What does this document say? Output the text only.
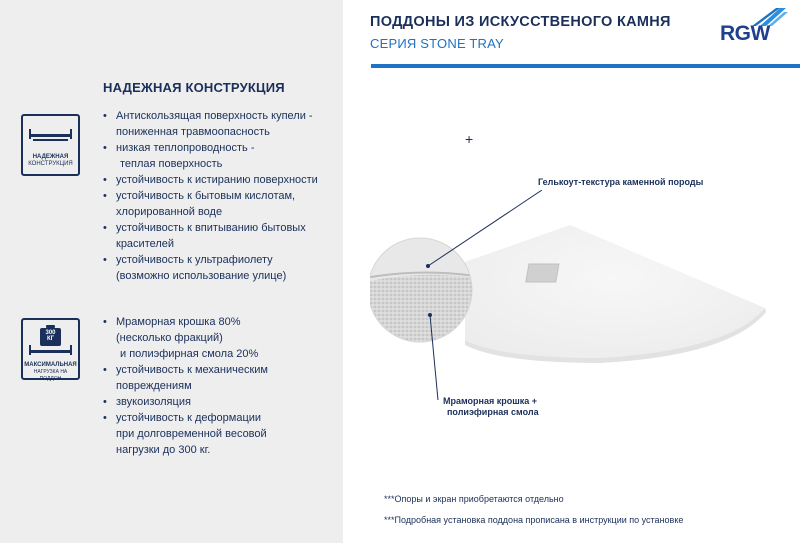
НАДЕЖНАЯ КОНСТРУКЦИЯ
НАДЕЖНАЯ
КОНСТРУКЦИЯ
300
КГ
МАКСИМАЛЬНАЯ
НАГРУЗКА НА ПОДДОН
• Антискользящая поверхность купели -
пониженная травмоопасность
• низкая теплопроводность -
теплая поверхность
• устойчивость к истиранию поверхности
• устойчивость к бытовым кислотам,
хлорированной воде
• устойчивость к впитыванию бытовых
красителей
• устойчивость к ультрафиолету
(возможно использование улице)
• Мраморная крошка 80%
(несколько фракций)
и полиэфирная смола 20%
• устойчивость к механическим
повреждениям
• звукоизоляция
• устойчивость к деформации
при долговременной весовой
нагрузки до 300 кг.
ПОДДОНЫ ИЗ ИСКУССТВЕНОГО КАМНЯ
СЕРИЯ STONE TRAY	RGW
+
Гелькоут-текстура каменной породы
Мраморная крошка +
полиэфирная смола
***Опоры и экран приобретаются отдельно
***Подробная установка поддона прописана в инструкции по установке
